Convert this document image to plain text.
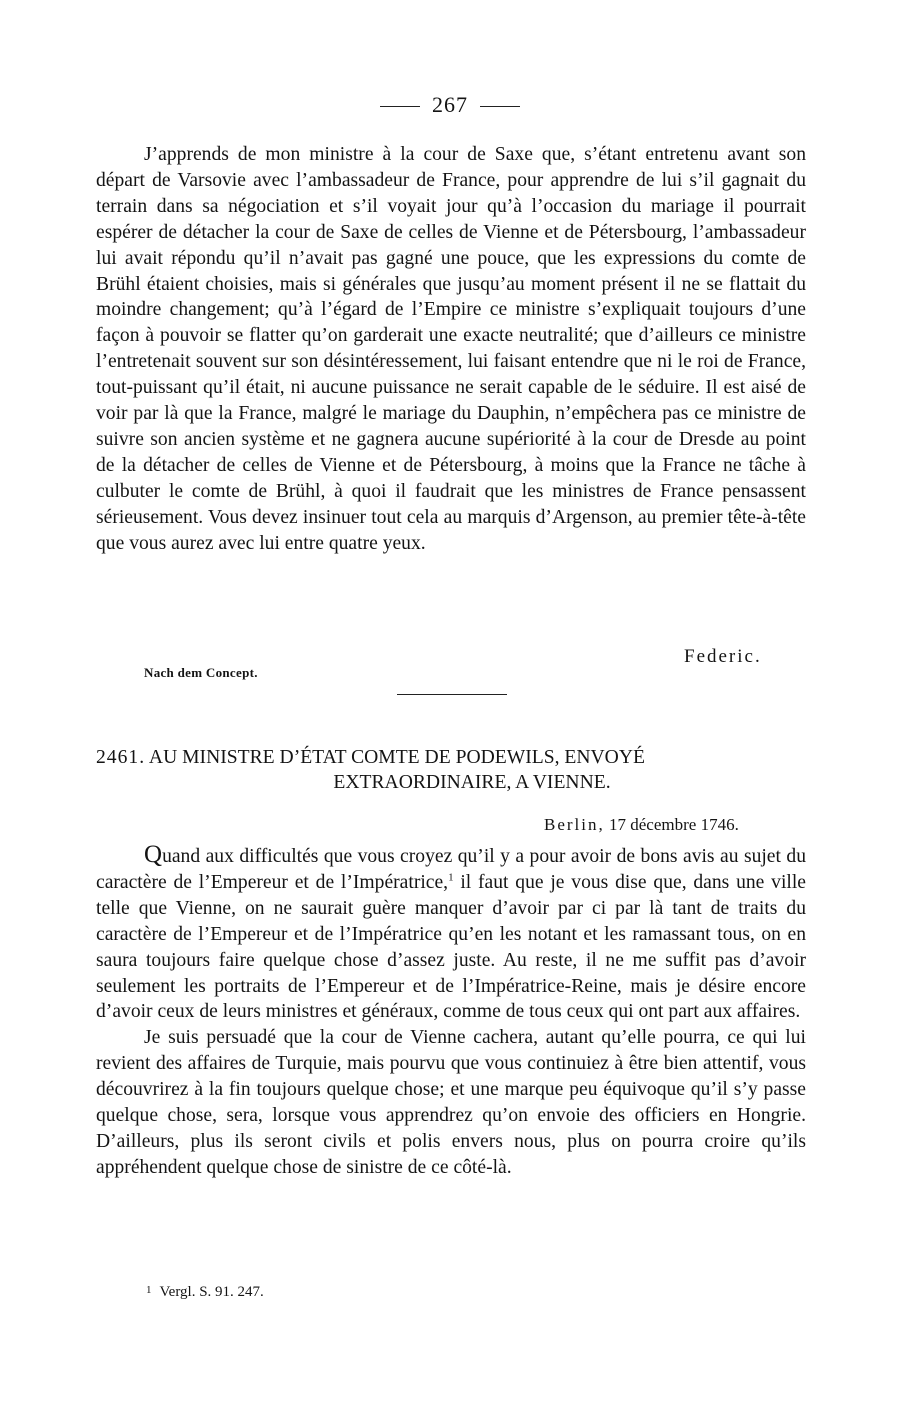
267

J’apprends de mon ministre à la cour de Saxe que, s’étant entretenu avant son départ de Varsovie avec l’ambassadeur de France, pour apprendre de lui s’il gagnait du terrain dans sa négociation et s’il voyait jour qu’à l’occasion du mariage il pourrait espérer de détacher la cour de Saxe de celles de Vienne et de Pétersbourg, l’ambassadeur lui avait répondu qu’il n’avait pas gagné une pouce, que les expressions du comte de Brühl étaient choisies, mais si générales que jusqu’au moment présent il ne se flattait du moindre changement; qu’à l’égard de l’Empire ce ministre s’expliquait toujours d’une façon à pouvoir se flatter qu’on garderait une exacte neutralité; que d’ailleurs ce ministre l’entretenait souvent sur son désintéressement, lui faisant entendre que ni le roi de France, tout-puissant qu’il était, ni aucune puissance ne serait capable de le séduire. Il est aisé de voir par là que la France, malgré le mariage du Dauphin, n’empêchera pas ce ministre de suivre son ancien système et ne gagnera aucune supériorité à la cour de Dresde au point de la détacher de celles de Vienne et de Pétersbourg, à moins que la France ne tâche à culbuter le comte de Brühl, à quoi il faudrait que les ministres de France pensassent sérieusement. Vous devez insinuer tout cela au marquis d’Argenson, au premier tête-à-tête que vous aurez avec lui entre quatre yeux.

Federic.
Nach dem Concept.
2461. AU MINISTRE D’ÉTAT COMTE DE PODEWILS, ENVOYÉ
EXTRAORDINAIRE, A VIENNE.
Berlin, 17 décembre 1746.

Quand aux difficultés que vous croyez qu’il y a pour avoir de bons avis au sujet du caractère de l’Empereur et de l’Impératrice,$^1$ il faut que je vous dise que, dans une ville telle que Vienne, on ne saurait guère manquer d’avoir par ci par là tant de traits du caractère de l’Empereur et de l’Impératrice qu’en les notant et les ramassant tous, on en saura toujours faire quelque chose d’assez juste. Au reste, il ne me suffit pas d’avoir seulement les portraits de l’Empereur et de l’Impératrice-Reine, mais je désire encore d’avoir ceux de leurs ministres et généraux, comme de tous ceux qui ont part aux affaires.

Je suis persuadé que la cour de Vienne cachera, autant qu’elle pourra, ce qui lui revient des affaires de Turquie, mais pourvu que vous continuiez à être bien attentif, vous découvrirez à la fin toujours quelque chose; et une marque peu équivoque qu’il s’y passe quelque chose, sera, lorsque vous apprendrez qu’on envoie des officiers en Hongrie. D’ailleurs, plus ils seront civils et polis envers nous, plus on pourra croire qu’ils appréhendent quelque chose de sinistre de ce côté-là.

$^1$ Vergl. S. 91. 247.
